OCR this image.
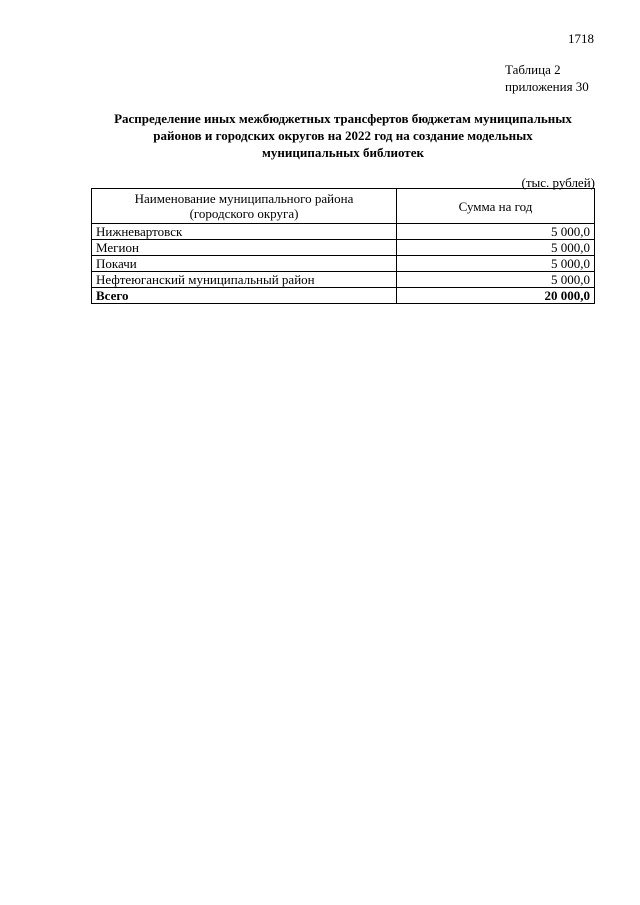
1718
Таблица 2
приложения 30
Распределение иных межбюджетных трансфертов бюджетам муниципальных
районов и городских округов на 2022 год на создание модельных
муниципальных библиотек
(тыс. рублей)
Наименование муниципального района
(городского округа)	Сумма на год
Нижневартовск	5 000,0
Мегион	5 000,0
Покачи	5 000,0
Нефтеюганский муниципальный район	5 000,0
Всего	20 000,0
